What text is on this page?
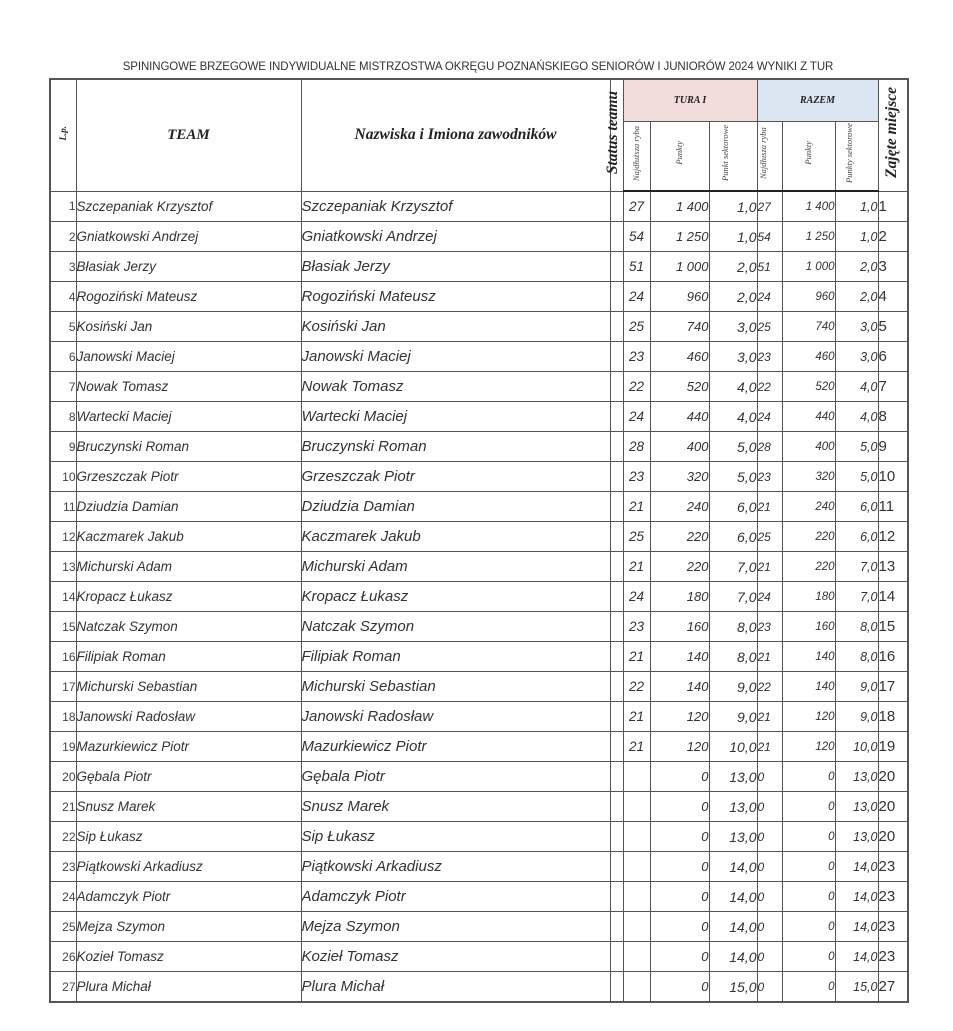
SPININGOWE BRZEGOWE INDYWIDUALNE MISTRZOSTWA OKRĘGU POZNAŃSKIEGO SENIORÓW I JUNIORÓW 2024 WYNIKI Z TUR
L.p.	TEAM	Nazwiska i Imiona zawodników	Status teamu	TURA I			RAZEM			Zajęte miejsce
				Najdłuższa ryba	Punkty	Punkt sektorowe	Najdłusza ryba	Punkty	Punkty sektorowe	
1	Szczepaniak Krzysztof	Szczepaniak Krzysztof		27	1 400	1,0	27	1 400	1,0	1
2	Gniatkowski Andrzej	Gniatkowski Andrzej		54	1 250	1,0	54	1 250	1,0	2
3	Błasiak Jerzy	Błasiak Jerzy		51	1 000	2,0	51	1 000	2,0	3
4	Rogoziński Mateusz	Rogoziński Mateusz		24	960	2,0	24	960	2,0	4
5	Kosiński Jan	Kosiński Jan		25	740	3,0	25	740	3,0	5
6	Janowski Maciej	Janowski Maciej		23	460	3,0	23	460	3,0	6
7	Nowak Tomasz	Nowak Tomasz		22	520	4,0	22	520	4,0	7
8	Wartecki Maciej	Wartecki Maciej		24	440	4,0	24	440	4,0	8
9	Bruczynski Roman	Bruczynski Roman		28	400	5,0	28	400	5,0	9
10	Grzeszczak Piotr	Grzeszczak Piotr		23	320	5,0	23	320	5,0	10
11	Dziudzia Damian	Dziudzia Damian		21	240	6,0	21	240	6,0	11
12	Kaczmarek Jakub	Kaczmarek Jakub		25	220	6,0	25	220	6,0	12
13	Michurski Adam	Michurski Adam		21	220	7,0	21	220	7,0	13
14	Kropacz Łukasz	Kropacz Łukasz		24	180	7,0	24	180	7,0	14
15	Natczak Szymon	Natczak Szymon		23	160	8,0	23	160	8,0	15
16	Filipiak Roman	Filipiak Roman		21	140	8,0	21	140	8,0	16
17	Michurski Sebastian	Michurski Sebastian		22	140	9,0	22	140	9,0	17
18	Janowski Radosław	Janowski Radosław		21	120	9,0	21	120	9,0	18
19	Mazurkiewicz Piotr	Mazurkiewicz Piotr		21	120	10,0	21	120	10,0	19
20	Gębala Piotr	Gębala Piotr			0	13,0	0	0	13,0	20
21	Snusz Marek	Snusz Marek			0	13,0	0	0	13,0	20
22	Sip Łukasz	Sip Łukasz			0	13,0	0	0	13,0	20
23	Piątkowski Arkadiusz	Piątkowski Arkadiusz			0	14,0	0	0	14,0	23
24	Adamczyk Piotr	Adamczyk Piotr			0	14,0	0	0	14,0	23
25	Mejza Szymon	Mejza Szymon			0	14,0	0	0	14,0	23
26	Kozieł Tomasz	Kozieł Tomasz			0	14,0	0	0	14,0	23
27	Plura Michał	Plura Michał			0	15,0	0	0	15,0	27
